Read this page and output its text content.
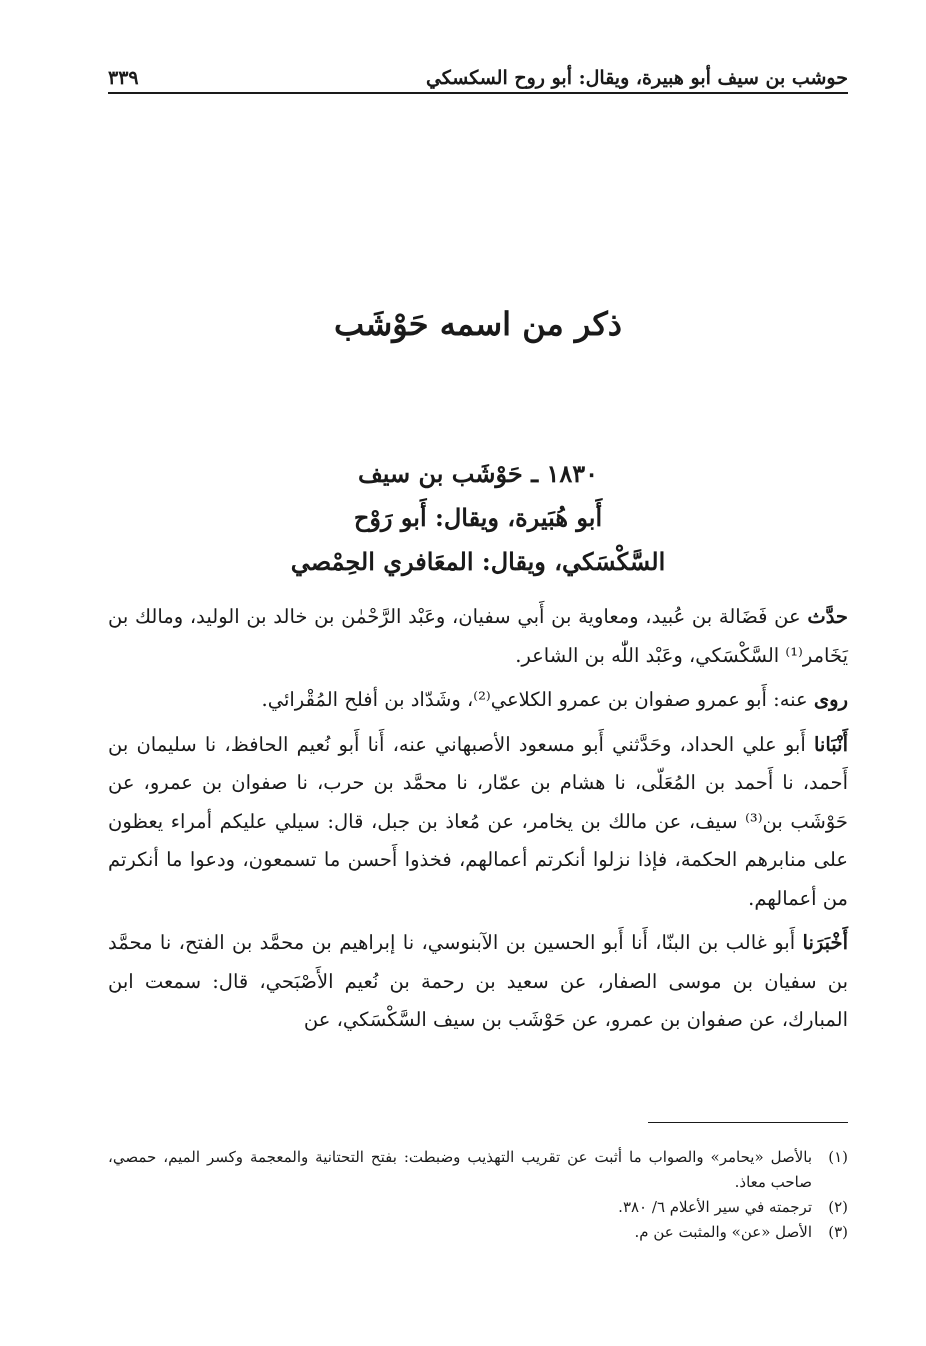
حوشب بن سيف أبو هبيرة، ويقال: أبو روح السكسكي
٣٣٩
ذكر من اسمه حَوْشَب
١٨٣٠ ـ حَوْشَب بن سيف
أَبو هُبَيرة، ويقال: أَبو رَوْح
السَّكْسَكي، ويقال: المعَافري الحِمْصي

حدَّث عن فَضَالة بن عُبيد، ومعاوية بن أَبي سفيان، وعَبْد الرَّحْمٰن بن خالد بن الوليد، ومالك بن يَخَامر⁽¹⁾ السَّكْسَكي، وعَبْد اللّٰه بن الشاعر.

روى عنه: أَبو عمرو صفوان بن عمرو الكلاعي⁽²⁾، وشَدّاد بن أفلح المُقْرائي.

أَنْبَانا أَبو علي الحداد، وحَدَّثني أَبو مسعود الأصبهاني عنه، أَنا أَبو نُعيم الحافظ، نا سليمان بن أَحمد، نا أَحمد بن المُعَلّى، نا هشام بن عمّار، نا محمَّد بن حرب، نا صفوان بن عمرو، عن حَوْشَب بن⁽³⁾ سيف، عن مالك بن يخامر، عن مُعاذ بن جبل، قال: سيلي عليكم أمراء يعظون على منابرهم الحكمة، فإذا نزلوا أنكرتم أعمالهم، فخذوا أَحسن ما تسمعون، ودعوا ما أنكرتم من أعمالهم.

أَخْبَرَنا أَبو غالب بن البنّا، أَنا أَبو الحسين بن الآبنوسي، نا إبراهيم بن محمَّد بن الفتح، نا محمَّد بن سفيان بن موسى الصفار، عن سعيد بن رحمة بن نُعيم الأَصْبَحي، قال: سمعت ابن المبارك، عن صفوان بن عمرو، عن حَوْشَب بن سيف السَّكْسَكي، عن

(١)
بالأصل «يحامر» والصواب ما أثبت عن تقريب التهذيب وضبطت: بفتح التحتانية والمعجمة وكسر الميم، حمصي، صاحب معاذ.
(٢)
ترجمته في سير الأعلام ٦/ ٣٨٠.
(٣)
الأصل «عن» والمثبت عن م.
